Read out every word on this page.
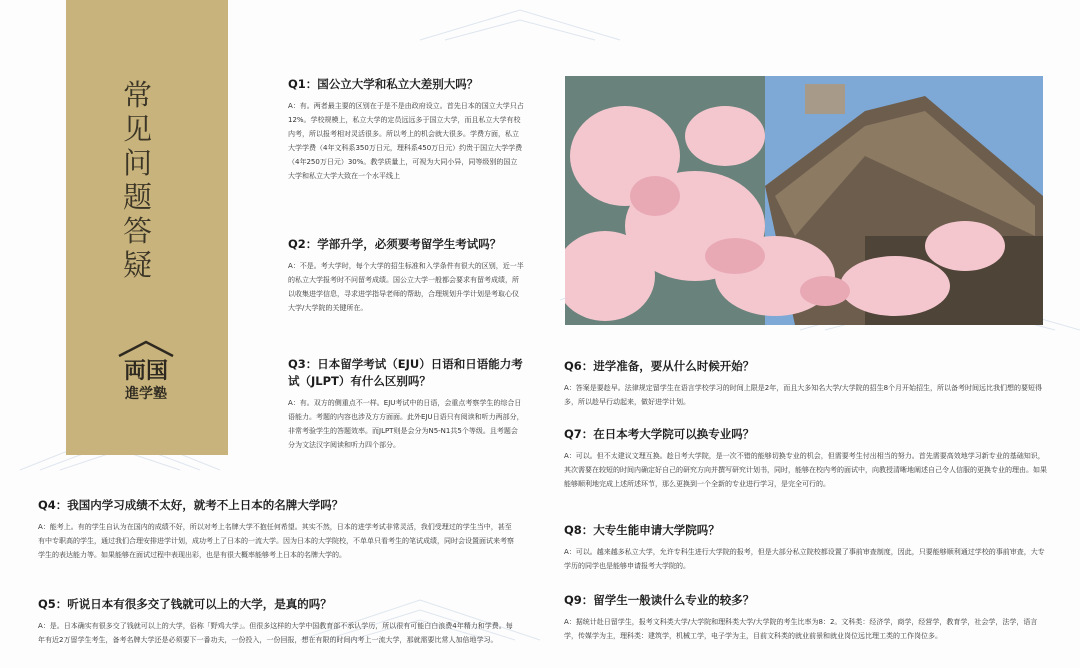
常
见
问
题
答
疑
両国
進学塾

Q1：国公立大学和私立大差别大吗？

A：有。两者最主要的区别在于是不是由政府设立。首先日本的国立大学只占12%。学校规模上，私立大学的定员远远多于国立大学，而且私立大学有校内考，所以报考相对灵活很多。所以考上的机会就大很多。学费方面，私立大学学费（4年文科系350万日元，理科系450万日元）约贵于国立大学学费（4年250万日元）30%。教学质量上，可视为大同小异，同等级别的国立大学和私立大学大致在一个水平线上

Q2：学部升学，必须要考留学生考试吗？

A：不是。考大学时，每个大学的招生标准和入学条件有很大的区别，近一半的私立大学报考时不问留考成绩。国公立大学一般都会要求有留考成绩，所以收集进学信息，寻求进学指导老师的帮助，合理规划升学计划是考取心仪大学/大学院的关键所在。

Q3：日本留学考试（EJU）日语和日语能力考试（JLPT）有什么区别吗？

A：有。双方的侧重点不一样。EJU考试中的日语，会重点考察学生的综合日语能力。考题的内容也涉及方方面面。此外EJU日语只有阅读和听力两部分，非常考验学生的答题效率。而JLPT则是会分为N5-N1共5个等级。且考题会分为文法汉字阅读和听力四个部分。

Q4：我国内学习成绩不太好，就考不上日本的名牌大学吗？

A：能考上。有的学生自认为在国内的成绩不好，所以对考上名牌大学不抱任何希望。其实不然，日本的进学考试非常灵活，我们受理过的学生当中，甚至有中专职高的学生，通过我们合理安排进学计划，成功考上了日本的一流大学。因为日本的大学院校，不单单只看考生的笔试成绩，同时会设置面试来考察学生的表达能力等。如果能够在面试过程中表现出彩，也是有很大概率能够考上日本的名牌大学的。

Q5：听说日本有很多交了钱就可以上的大学，是真的吗？

A：是。日本确实有很多交了钱就可以上的大学，俗称「野鸡大学」。但很多这样的大学中国教育部不承认学历，所以很有可能白白浪费4年精力和学费。每年有近2万留学生考生，备考名牌大学还是必须要下一番功夫，一份投入，一份回报，想在有限的时间内考上一流大学，那就需要比常人加倍地学习。

Q6：进学准备，要从什么时候开始？

A：答案是要趁早。法律规定留学生在语言学校学习的时间上限是2年，而且大多知名大学/大学院的招生8个月开始招生，所以备考时间远比我们想的要短得多，所以趁早行动起来，做好进学计划。

Q7：在日本考大学院可以换专业吗？

A：可以。但不太建议文理互换。趁日考大学院，是一次不错的能够切换专业的机会，但需要考生付出相当的努力。首先需要高效地学习新专业的基础知识，其次需要在较短的时间内确定好自己的研究方向并撰写研究计划书，同时，能够在校内考的面试中，向教授清晰地阐述自己令人信服的更换专业的理由。如果能够顺利地完成上述所述环节，那么更换到一个全新的专业进行学习，是完全可行的。

Q8：大专生能申请大学院吗？

A：可以。越来越多私立大学，允许专科生进行大学院的报考，但是大部分私立院校都设置了事前审查制度，因此，只要能够顺利通过学校的事前审查，大专学历的同学也是能够申请报考大学院的。

Q9：留学生一般读什么专业的较多？

A：据统计赴日留学生，报考文科类大学/大学院和理科类大学/大学院的考生比率为8：2。文科类：经济学，商学，经营学，教育学，社会学，法学，语言学，传媒学为主，理科类：建筑学，机械工学，电子学为主，目前文科类的就业前景和就业岗位远比理工类的工作岗位多。
